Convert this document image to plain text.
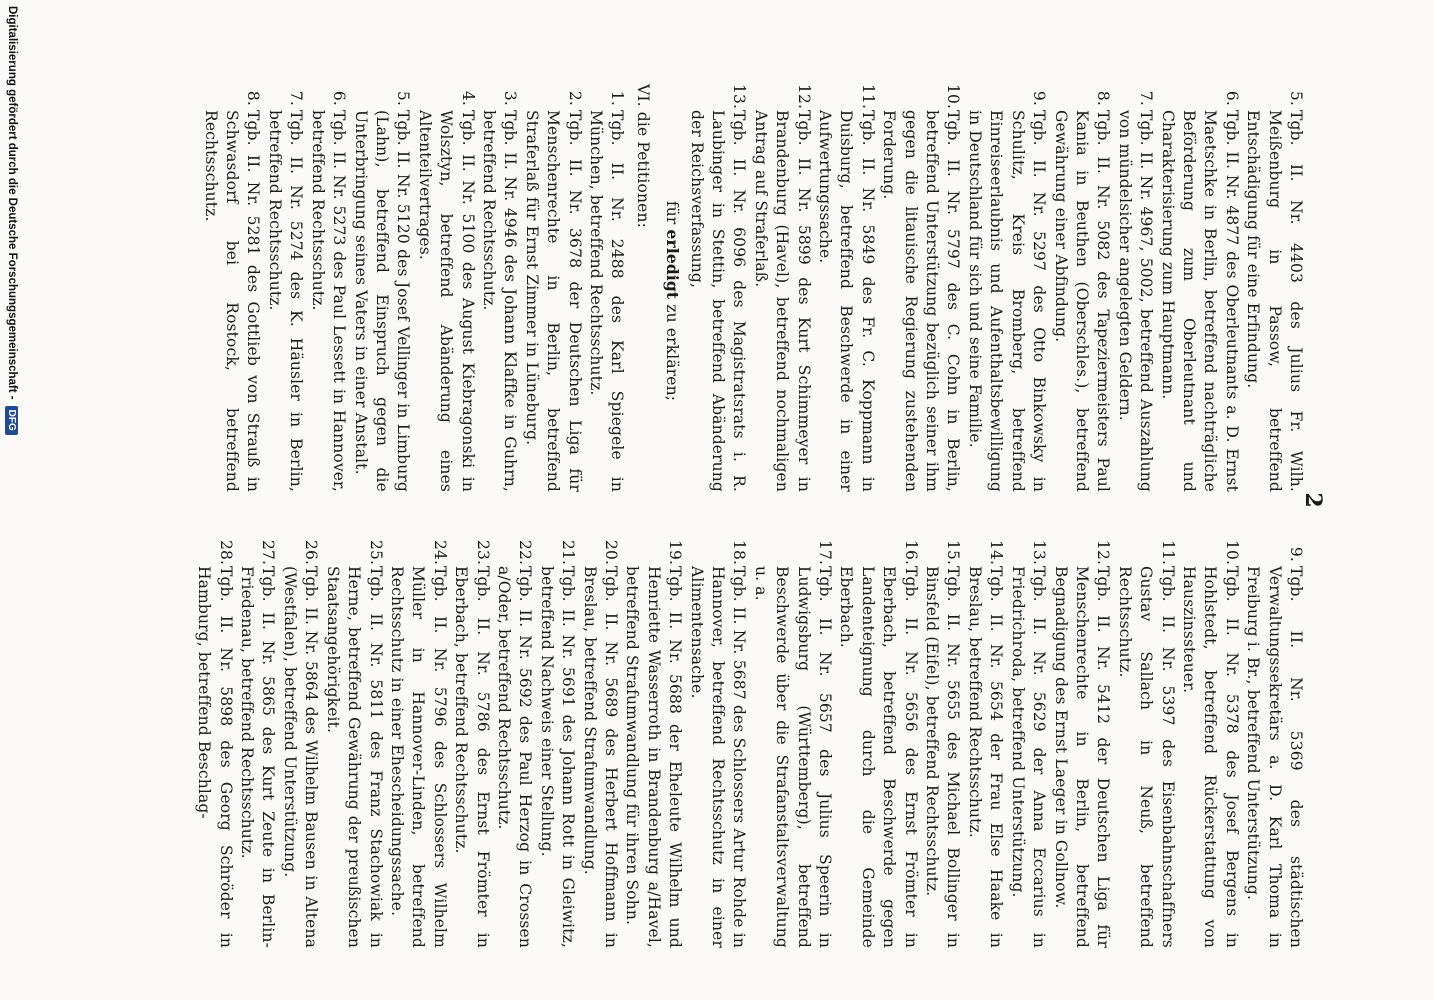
2

5.
Tgb. II. Nr. 4403 des Julius Fr. Wilh. Meißenburg in Passow, betreffend Entschädigung für eine Erfindung.

6.
Tgb. II. Nr. 4877 des Oberleutnants a. D. Ernst Maetschke in Berlin, betreffend nachträgliche Beförderung zum Oberleutnant und Charakterisierung zum Hauptmann.

7.
Tgb. II. Nr. 4967, 5002, betreffend Auszahlung von mündelsicher angelegten Geldern.

8.
Tgb. II. Nr. 5082 des Tapeziermeisters Paul Kania in Beuthen (Oberschles.), betreffend Gewährung einer Abfindung.

9.
Tgb. II. Nr. 5297 des Otto Binkowsky in Schulitz, Kreis Bromberg, betreffend Einreiseerlaubnis und Aufenthaltsbewilligung in Deutschland für sich und seine Familie.

10.
Tgb. II. Nr. 5797 des C. Cohn in Berlin, betreffend Unterstützung bezüglich seiner ihm gegen die litauische Regierung zustehenden Forderung.

11.
Tgb. II. Nr. 5849 des Fr. C. Koppmann in Duisburg, betreffend Beschwerde in einer Aufwertungssache.

12.
Tgb. II. Nr. 5899 des Kurt Schimmeyer in Brandenburg (Havel), betreffend nochmaligen Antrag auf Straferlaß.

13.
Tgb. II. Nr. 6096 des Magistratsrats i. R. Laubinger in Stettin, betreffend Abänderung der Reichsverfassung,

für erledigt zu erklären;

VI. die Petitionen:

1.
Tgb. II. Nr. 2488 des Karl Spiegele in München, betreffend Rechtsschutz.

2.
Tgb. II. Nr. 3678 der Deutschen Liga für Menschenrechte in Berlin, betreffend Straferlaß für Ernst Zimmer in Lüneburg.

3.
Tgb. II. Nr. 4946 des Johann Klaffke in Guhrn, betreffend Rechtsschutz.

4.
Tgb. II. Nr. 5100 des August Kiebragonski in Wolsztyn, betreffend Abänderung eines Altenteilvertrages.

5.
Tgb. II. Nr. 5120 des Josef Vellinger in Limburg (Lahn), betreffend Einspruch gegen die Unterbringung seines Vaters in einer Anstalt.

6.
Tgb. II. Nr. 5273 des Paul Lessett in Hannover, betreffend Rechtsschutz.

7.
Tgb. II. Nr. 5274 des K. Häusler in Berlin, betreffend Rechtsschutz.

8.
Tgb. II. Nr. 5281 des Gottlieb von Strauß in Schwasdorf bei Rostock, betreffend Rechtsschutz.

9.
Tgb. II. Nr. 5369 des städtischen Verwaltungssekretärs a. D. Karl Thoma in Freiburg i. Br., betreffend Unterstützung.

10.
Tgb. II. Nr. 5378 des Josef Bergens in Hohlstedt, betreffend Rückerstattung von Hauszinssteuer.

11.
Tgb. II. Nr. 5397 des Eisenbahnschaffners Gustav Sallach in Neuß, betreffend Rechtsschutz.

12.
Tgb. II. Nr. 5412 der Deutschen Liga für Menschenrechte in Berlin, betreffend Begnadigung des Ernst Laeger in Gollnow.

13.
Tgb. II. Nr. 5629 der Anna Eccarius in Friedrichroda, betreffend Unterstützung.

14.
Tgb. II. Nr. 5654 der Frau Else Haake in Breslau, betreffend Rechtsschutz.

15.
Tgb. II. Nr. 5655 des Michael Bollinger in Binsfeld (Eifel), betreffend Rechtsschutz.

16.
Tgb. II. Nr. 5656 des Ernst Frömter in Eberbach, betreffend Beschwerde gegen Landenteignung durch die Gemeinde Eberbach.

17.
Tgb. II. Nr. 5657 des Julius Speerin in Ludwigsburg (Württemberg), betreffend Beschwerde über die Strafanstaltsverwaltung u. a.

18.
Tgb. II. Nr. 5687 des Schlossers Artur Rohde in Hannover, betreffend Rechtsschutz in einer Alimentensache.

19.
Tgb. II. Nr. 5688 der Eheleute Wilhelm und Henriette Wasserroth in Brandenburg a/Havel, betreffend Strafumwandlung für ihren Sohn.

20.
Tgb. II. Nr. 5689 des Herbert Hoffmann in Breslau, betreffend Strafumwandlung.

21.
Tgb. II. Nr. 5691 des Johann Rott in Gleiwitz, betreffend Nachweis einer Stellung.

22.
Tgb. II. Nr. 5692 des Paul Herzog in Crossen a/Oder, betreffend Rechtsschutz.

23.
Tgb. II. Nr. 5786 des Ernst Frömter in Eberbach, betreffend Rechtsschutz.

24.
Tgb. II. Nr. 5796 des Schlossers Wilhelm Müller in Hannover-Linden, betreffend Rechtsschutz in einer Ehescheidungssache.

25.
Tgb. II. Nr. 5811 des Franz Stachowiak in Herne, betreffend Gewährung der preußischen Staatsangehörigkeit.

26.
Tgb. II. Nr. 5864 des Wilhelm Bausen in Altena (Westfalen), betreffend Unterstützung.

27.
Tgb. II. Nr. 5865 des Kurt Zeute in Berlin-Friedenau, betreffend Rechtsschutz.

28.
Tgb. II. Nr. 5898 des Georg Schröder in Hamburg, betreffend Beschlag-

Digitalisierung gefördert durch die Deutsche Forschungsgemeinschaft

-
DFG
